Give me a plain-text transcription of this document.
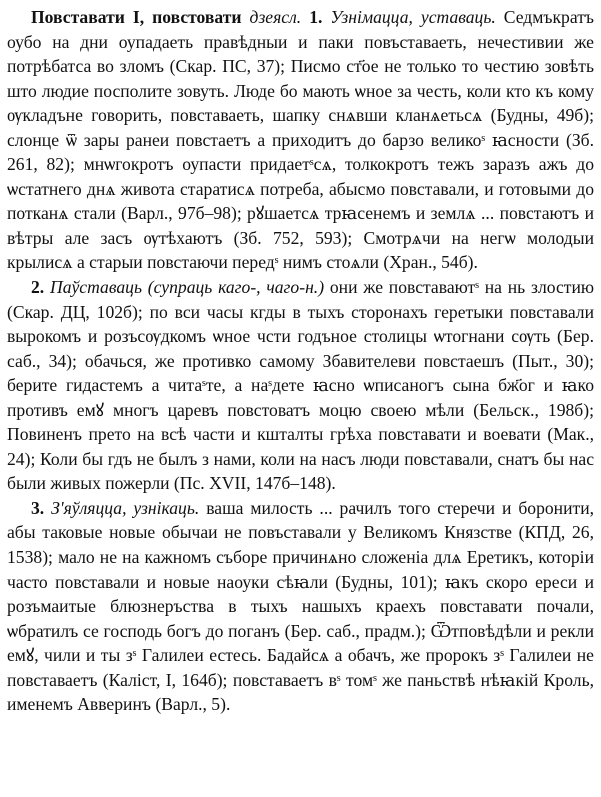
Повставати I, повстовати дзеясл. 1. Узнімацца, уставаць. Седмъкратъ оубо на дни оупадаеть правѣдныи и паки повъставаеть, нечестивии же потрѣбатса во зломъ (Скар. ПС, 37); Писмо ст҃ое не только то честию зовѣть што людие посполите зовуть. Люде бо мають ѡное за честь, коли кто къ кому ѹкладъне говорить, повставаеть, шапку снѧвши кланѧетьсѧ (Будны, 49б); слонце ѿ зары ранеи повстаетъ а приходитъ до барзо великоˢ ꙗсности (Зб. 261, 82); мнѡгокротъ оупасти придаетˢсѧ, толкокротъ тежъ заразъ ажъ до ѡстатнего днѧ живота старатисѧ потреба, абысмо повставали, и готовыми до потканѧ стали (Варл., 97б–98); рꙋшаетсѧ трꙗсенемъ и землѧ ... повстаютъ и вѣтры але засъ ѹтѣхаютъ (Зб. 752, 593); Смотрѧчи на негѡ молодыи крылисѧ а старыи повстаючи передˢ нимъ стоѧли (Хран., 54б).

2. Паўставаць (супраць каго-, чаго-н.) они же повставаютˢ на нь злостию (Скар. ДЦ, 102б); по вси часы кгды в тыхъ сторонахъ геретыки повставали вырокомъ и розъсѹдкомъ ѡное чсти годъное столицы ѡтогнани сѹть (Бер. саб., 34); обачься, же противко самому Збавителеви повстаешъ (Пыт., 30); берите гидастемъ а читаˢте, а наˢдете ꙗсно ѡписаногъ сына бж҃ог и ꙗко противъ емꙋ многъ царевъ повстоватъ моцю своею мѣли (Бельск., 198б); Повиненъ прето на всѣ части и кшталты грѣха повставати и воевати (Мак., 24); Коли бы гдъ не былъ з нами, коли на насъ люди повставали, снатъ бы нас были живых пожерли (Пс. XVII, 147б–148).

3. З'яўляцца, узнікаць. ваша милость ... рачилъ того стеречи и боронити, абы таковые новые обычаи не повъставали у Великомъ Князстве (КПД, 26, 1538); мало не на кажномъ съборе причинѧно сложенiа длѧ Еретикъ, которiи часто повставали и новые наоуки сѣꙗли (Будны, 101); ꙗкъ скоро ереси и розъмаитые блюзнеръства в тыхъ нашыхъ краехъ повставати почали, ѡбратилъ се господь богъ до поганъ (Бер. саб., прадм.); Ѿтповѣдѣли и рекли емꙋ, чили и ты зˢ Галилеи естесь. Бадайсѧ а обачъ, же пророкъ зˢ Галилеи не повставаетъ (Каліст, I, 164б); повставаетъ вˢ томˢ же паньствѣ нѣꙗкiй Кроль, именемъ Авверинъ (Варл., 5).
